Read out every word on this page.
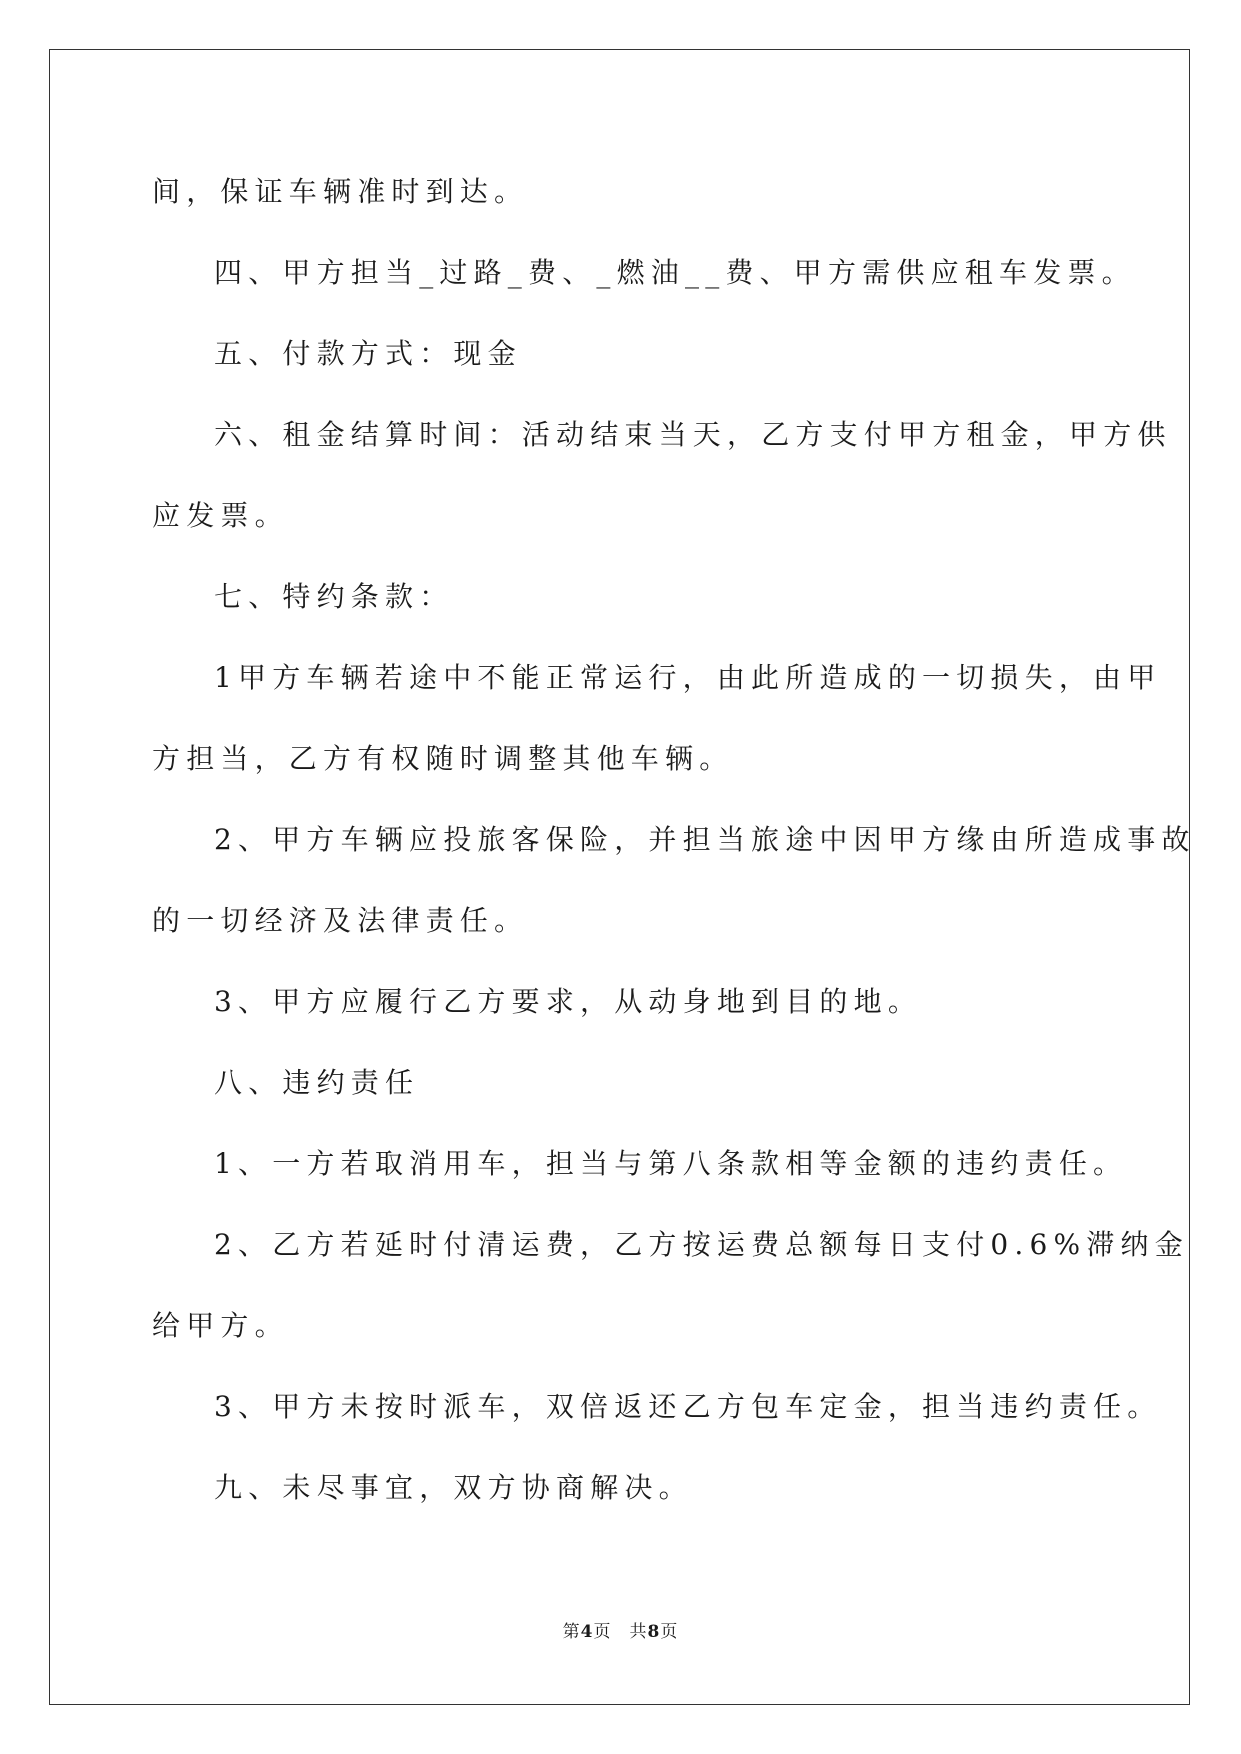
间，保证车辆准时到达。
四、甲方担当_过路_费、_燃油__费、甲方需供应租车发票。
五、付款方式：现金
六、租金结算时间：活动结束当天，乙方支付甲方租金，甲方供
应发票。
七、特约条款：
1甲方车辆若途中不能正常运行，由此所造成的一切损失，由甲
方担当，乙方有权随时调整其他车辆。
2、甲方车辆应投旅客保险，并担当旅途中因甲方缘由所造成事故
的一切经济及法律责任。
3、甲方应履行乙方要求，从动身地到目的地。
八、违约责任
1、一方若取消用车，担当与第八条款相等金额的违约责任。
2、乙方若延时付清运费，乙方按运费总额每日支付0.6%滞纳金
给甲方。
3、甲方未按时派车，双倍返还乙方包车定金，担当违约责任。
九、未尽事宜，双方协商解决。
第4页 共8页
